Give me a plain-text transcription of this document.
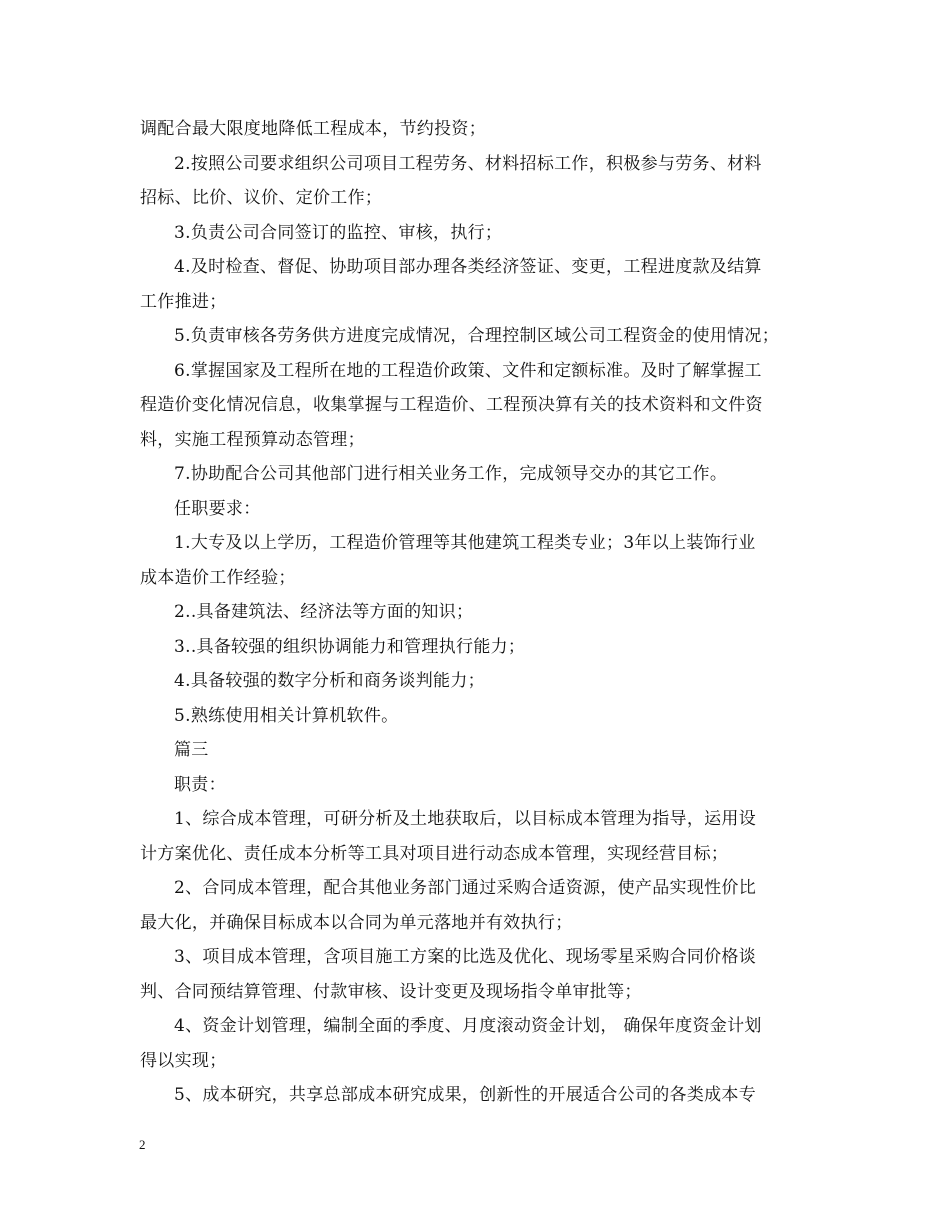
调配合最大限度地降低工程成本，节约投资；
2.按照公司要求组织公司项目工程劳务、材料招标工作，积极参与劳务、材料
招标、比价、议价、定价工作；
3.负责公司合同签订的监控、审核，执行；
4.及时检查、督促、协助项目部办理各类经济签证、变更，工程进度款及结算
工作推进；
5.负责审核各劳务供方进度完成情况，合理控制区域公司工程资金的使用情况；
6.掌握国家及工程所在地的工程造价政策、文件和定额标准。及时了解掌握工
程造价变化情况信息，收集掌握与工程造价、工程预决算有关的技术资料和文件资
料，实施工程预算动态管理；
7.协助配合公司其他部门进行相关业务工作，完成领导交办的其它工作。
任职要求：
1.大专及以上学历，工程造价管理等其他建筑工程类专业；3年以上装饰行业
成本造价工作经验；
2..具备建筑法、经济法等方面的知识；
3..具备较强的组织协调能力和管理执行能力；
4.具备较强的数字分析和商务谈判能力；
5.熟练使用相关计算机软件。
篇三
职责：
1、综合成本管理，可研分析及土地获取后，以目标成本管理为指导，运用设
计方案优化、责任成本分析等工具对项目进行动态成本管理，实现经营目标；
2、合同成本管理，配合其他业务部门通过采购合适资源，使产品实现性价比
最大化，并确保目标成本以合同为单元落地并有效执行；
3、项目成本管理，含项目施工方案的比选及优化、现场零星采购合同价格谈
判、合同预结算管理、付款审核、设计变更及现场指令单审批等；
4、资金计划管理，编制全面的季度、月度滚动资金计划， 确保年度资金计划
得以实现；
5、成本研究，共享总部成本研究成果，创新性的开展适合公司的各类成本专
2
